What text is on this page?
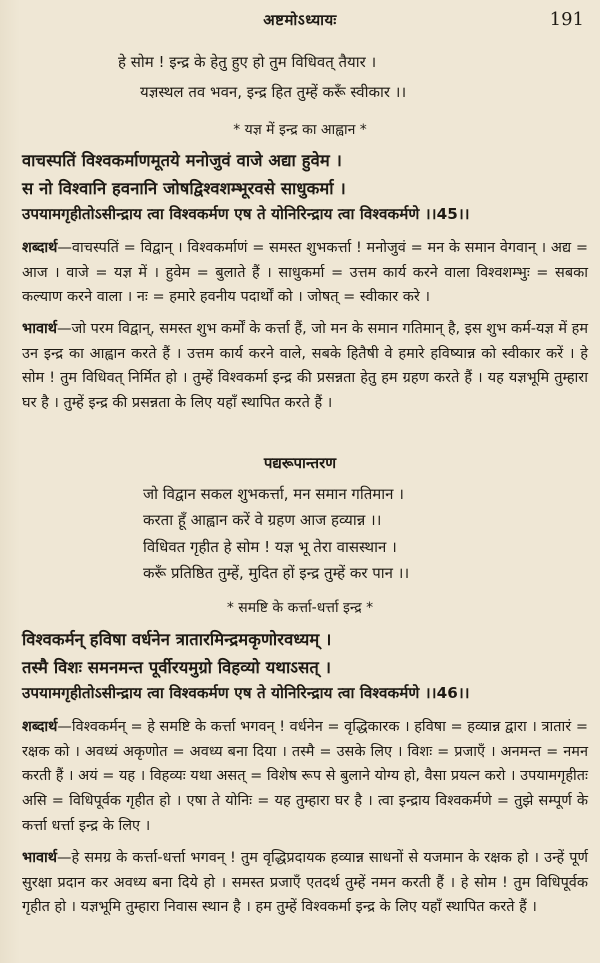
अष्टमोऽध्यायः	191
हे सोम ! इन्द्र के हेतु हुए हो तुम विधिवत् तैयार ।
यज्ञस्थल तव भवन, इन्द्र हित तुम्हें करूँ स्वीकार ।।
* यज्ञ में इन्द्र का आह्वान *
वाचस्पतिं विश्वकर्माणमूतये मनोजुवं वाजे अद्या हुवेम ।
स नो विश्वानि हवनानि जोषद्विश्वशम्भूरवसे साधुकर्मा ।
उपयामगृहीतोऽसीन्द्राय त्वा विश्वकर्मण एष ते योनिरिन्द्राय त्वा विश्वकर्मणे ।।45।।
शब्दार्थ—वाचस्पतिं = विद्वान् । विश्वकर्माणं = समस्त शुभकर्त्ता ! मनोजुवं = मन के समान वेगवान् । अद्य = आज । वाजे = यज्ञ में । हुवेम = बुलाते हैं । साधुकर्मा = उत्तम कार्य करने वाला विश्वशम्भुः = सबका कल्याण करने वाला । नः = हमारे हवनीय पदार्थों को । जोषत् = स्वीकार करे ।
भावार्थ—जो परम विद्वान्, समस्त शुभ कर्मों के कर्त्ता हैं, जो मन के समान गतिमान् है, इस शुभ कर्म-यज्ञ में हम उन इन्द्र का आह्वान करते हैं । उत्तम कार्य करने वाले, सबके हितैषी वे हमारे हविष्यान्न को स्वीकार करें । हे सोम ! तुम विधिवत् निर्मित हो । तुम्हें विश्वकर्मा इन्द्र की प्रसन्नता हेतु हम ग्रहण करते हैं । यह यज्ञभूमि तुम्हारा घर है । तुम्हें इन्द्र की प्रसन्नता के लिए यहाँ स्थापित करते हैं ।
पद्यरूपान्तरण
जो विद्वान सकल शुभकर्त्ता, मन समान गतिमान ।
करता हूँ आह्वान करें वे ग्रहण आज हव्यान्न ।।
विधिवत गृहीत हे सोम ! यज्ञ भू तेरा वासस्थान ।
करूँ प्रतिष्ठित तुम्हें, मुदित हों इन्द्र तुम्हें कर पान ।।
* समष्टि के कर्त्ता-धर्त्ता इन्द्र *
विश्वकर्मन् हविषा वर्धनेन त्रातारमिन्द्रमकृणोरवध्यम् ।
तस्मै विशः समनमन्त पूर्वीरयमुग्रो विहव्यो यथाऽसत् ।
उपयामगृहीतोऽसीन्द्राय त्वा विश्वकर्मण एष ते योनिरिन्द्राय त्वा विश्वकर्मणे ।।46।।
शब्दार्थ—विश्वकर्मन् = हे समष्टि के कर्त्ता भगवन् ! वर्धनेन = वृद्धिकारक । हविषा = हव्यान्न द्वारा । त्रातारं = रक्षक को । अवध्यं अकृणोत = अवध्य बना दिया । तस्मै = उसके लिए । विशः = प्रजाएँ । अनमन्त = नमन करती हैं । अयं = यह । विहव्यः यथा असत् = विशेष रूप से बुलाने योग्य हो, वैसा प्रयत्न करो । उपयामगृहीतः असि = विधिपूर्वक गृहीत हो । एषा ते योनिः = यह तुम्हारा घर है । त्वा इन्द्राय विश्वकर्मणे = तुझे सम्पूर्ण के कर्त्ता धर्त्ता इन्द्र के लिए ।
भावार्थ—हे समग्र के कर्त्ता-धर्त्ता भगवन् ! तुम वृद्धिप्रदायक हव्यान्न साधनों से यजमान के रक्षक हो । उन्हें पूर्ण सुरक्षा प्रदान कर अवध्य बना दिये हो । समस्त प्रजाएँ एतदर्थ तुम्हें नमन करती हैं । हे सोम ! तुम विधिपूर्वक गृहीत हो । यज्ञभूमि तुम्हारा निवास स्थान है । हम तुम्हें विश्वकर्मा इन्द्र के लिए यहाँ स्थापित करते हैं ।
